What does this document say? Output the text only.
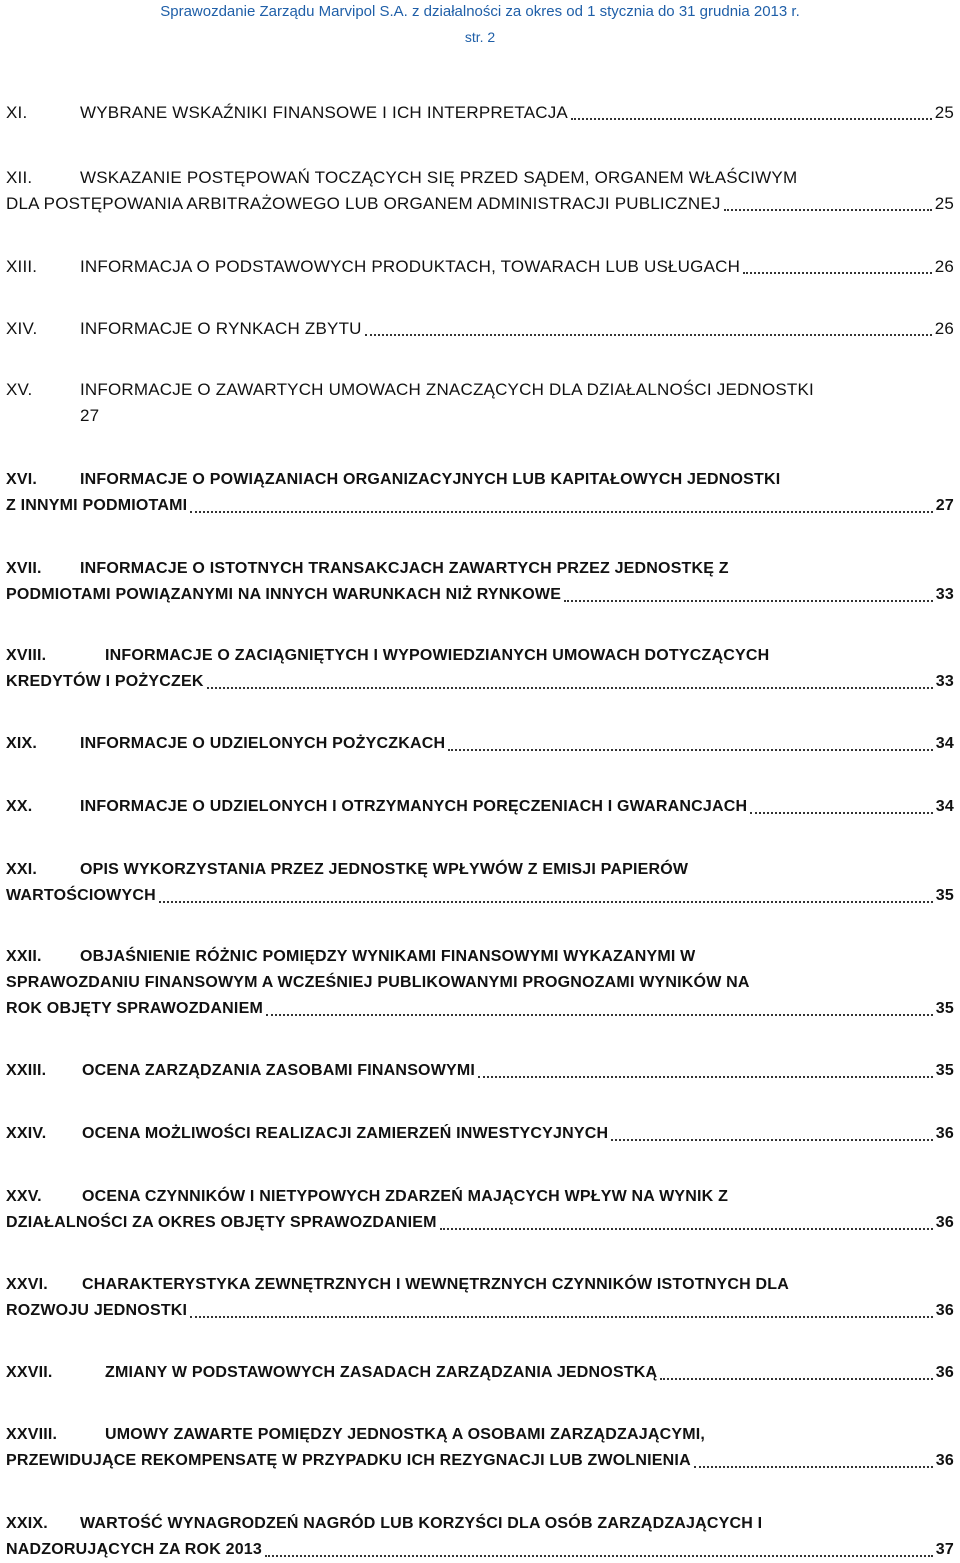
Sprawozdanie Zarządu Marvipol S.A. z działalności za okres od 1 stycznia do 31 grudnia 2013 r.
str. 2
XI.	WYBRANE WSKAŹNIKI FINANSOWE I ICH INTERPRETACJA	25
XII.	WSKAZANIE POSTĘPOWAŃ TOCZĄCYCH SIĘ PRZED SĄDEM, ORGANEM WŁAŚCIWYM
DLA POSTĘPOWANIA ARBITRAŻOWEGO LUB ORGANEM ADMINISTRACJI PUBLICZNEJ	25
XIII.	INFORMACJA O PODSTAWOWYCH PRODUKTACH, TOWARACH LUB USŁUGACH	26
XIV.	INFORMACJE O RYNKACH ZBYTU	26
XV.	INFORMACJE O ZAWARTYCH UMOWACH ZNACZĄCYCH DLA DZIAŁALNOŚCI JEDNOSTKI
27
XVI.	INFORMACJE O POWIĄZANIACH ORGANIZACYJNYCH LUB KAPITAŁOWYCH JEDNOSTKI
Z INNYMI PODMIOTAMI	27
XVII.	INFORMACJE O ISTOTNYCH TRANSAKCJACH ZAWARTYCH PRZEZ JEDNOSTKĘ Z
PODMIOTAMI POWIĄZANYMI NA INNYCH WARUNKACH NIŻ RYNKOWE	33
XVIII.	INFORMACJE O ZACIĄGNIĘTYCH I WYPOWIEDZIANYCH UMOWACH DOTYCZĄCYCH
KREDYTÓW I POŻYCZEK	33
XIX.	INFORMACJE O UDZIELONYCH POŻYCZKACH	34
XX.	INFORMACJE O UDZIELONYCH I OTRZYMANYCH PORĘCZENIACH I GWARANCJACH	34
XXI.	OPIS WYKORZYSTANIA PRZEZ JEDNOSTKĘ WPŁYWÓW Z EMISJI PAPIERÓW
WARTOŚCIOWYCH	35
XXII.	OBJAŚNIENIE RÓŻNIC POMIĘDZY WYNIKAMI FINANSOWYMI WYKAZANYMI W
SPRAWOZDANIU FINANSOWYM A WCZEŚNIEJ PUBLIKOWANYMI PROGNOZAMI WYNIKÓW NA
ROK OBJĘTY SPRAWOZDANIEM	35
XXIII.	OCENA ZARZĄDZANIA ZASOBAMI FINANSOWYMI	35
XXIV.	OCENA MOŻLIWOŚCI REALIZACJI ZAMIERZEŃ INWESTYCYJNYCH	36
XXV.	OCENA CZYNNIKÓW I NIETYPOWYCH ZDARZEŃ MAJĄCYCH WPŁYW NA WYNIK Z
DZIAŁALNOŚCI ZA OKRES OBJĘTY SPRAWOZDANIEM	36
XXVI.	CHARAKTERYSTYKA ZEWNĘTRZNYCH I WEWNĘTRZNYCH CZYNNIKÓW ISTOTNYCH DLA
ROZWOJU JEDNOSTKI	36
XXVII.	ZMIANY W PODSTAWOWYCH ZASADACH ZARZĄDZANIA JEDNOSTKĄ	36
XXVIII.	UMOWY ZAWARTE POMIĘDZY JEDNOSTKĄ A OSOBAMI ZARZĄDZAJĄCYMI,
PRZEWIDUJĄCE REKOMPENSATĘ W PRZYPADKU ICH REZYGNACJI LUB ZWOLNIENIA	36
XXIX.	WARTOŚĆ WYNAGRODZEŃ NAGRÓD LUB KORZYŚCI DLA OSÓB ZARZĄDZAJĄCYCH I
NADZORUJĄCYCH ZA ROK 2013	37
